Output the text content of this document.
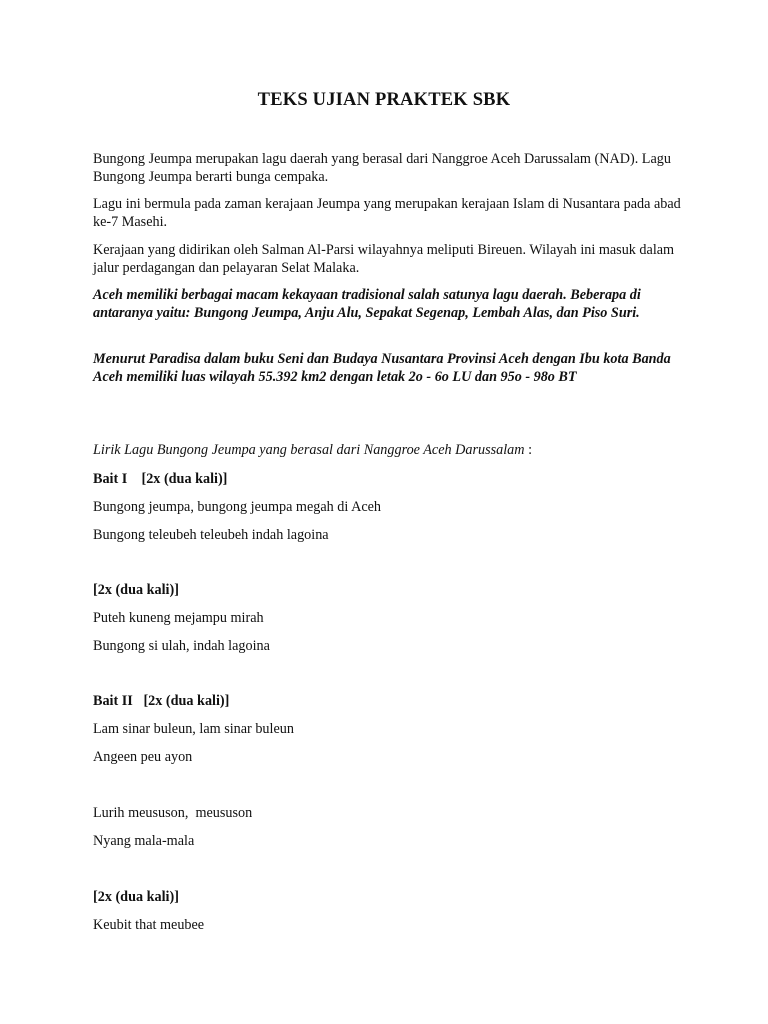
TEKS UJIAN PRAKTEK SBK

Bungong Jeumpa merupakan lagu daerah yang berasal dari Nanggroe Aceh Darussalam (NAD). Lagu Bungong Jeumpa berarti bunga cempaka.

Lagu ini bermula pada zaman kerajaan Jeumpa yang merupakan kerajaan Islam di Nusantara pada abad ke-7 Masehi.

Kerajaan yang didirikan oleh Salman Al-Parsi wilayahnya meliputi Bireuen. Wilayah ini masuk dalam jalur perdagangan dan pelayaran Selat Malaka.

Aceh memiliki berbagai macam kekayaan tradisional salah satunya lagu daerah. Beberapa di antaranya yaitu: Bungong Jeumpa, Anju Alu, Sepakat Segenap, Lembah Alas, dan Piso Suri.

Menurut Paradisa dalam buku Seni dan Budaya Nusantara Provinsi Aceh dengan Ibu kota Banda Aceh memiliki luas wilayah 55.392 km2 dengan letak 2o - 6o LU dan 95o - 98o BT

Lirik Lagu Bungong Jeumpa yang berasal dari Nanggroe Aceh Darussalam :

Bait I    [2x (dua kali)]

Bungong jeumpa, bungong jeumpa megah di Aceh

Bungong teleubeh teleubeh indah lagoina

[2x (dua kali)]

Puteh kuneng mejampu mirah

Bungong si ulah, indah lagoina

Bait II   [2x (dua kali)]

Lam sinar buleun, lam sinar buleun

Angeen peu ayon

Lurih meususon,  meususon

Nyang mala-mala

[2x (dua kali)]

Keubit that meubee
